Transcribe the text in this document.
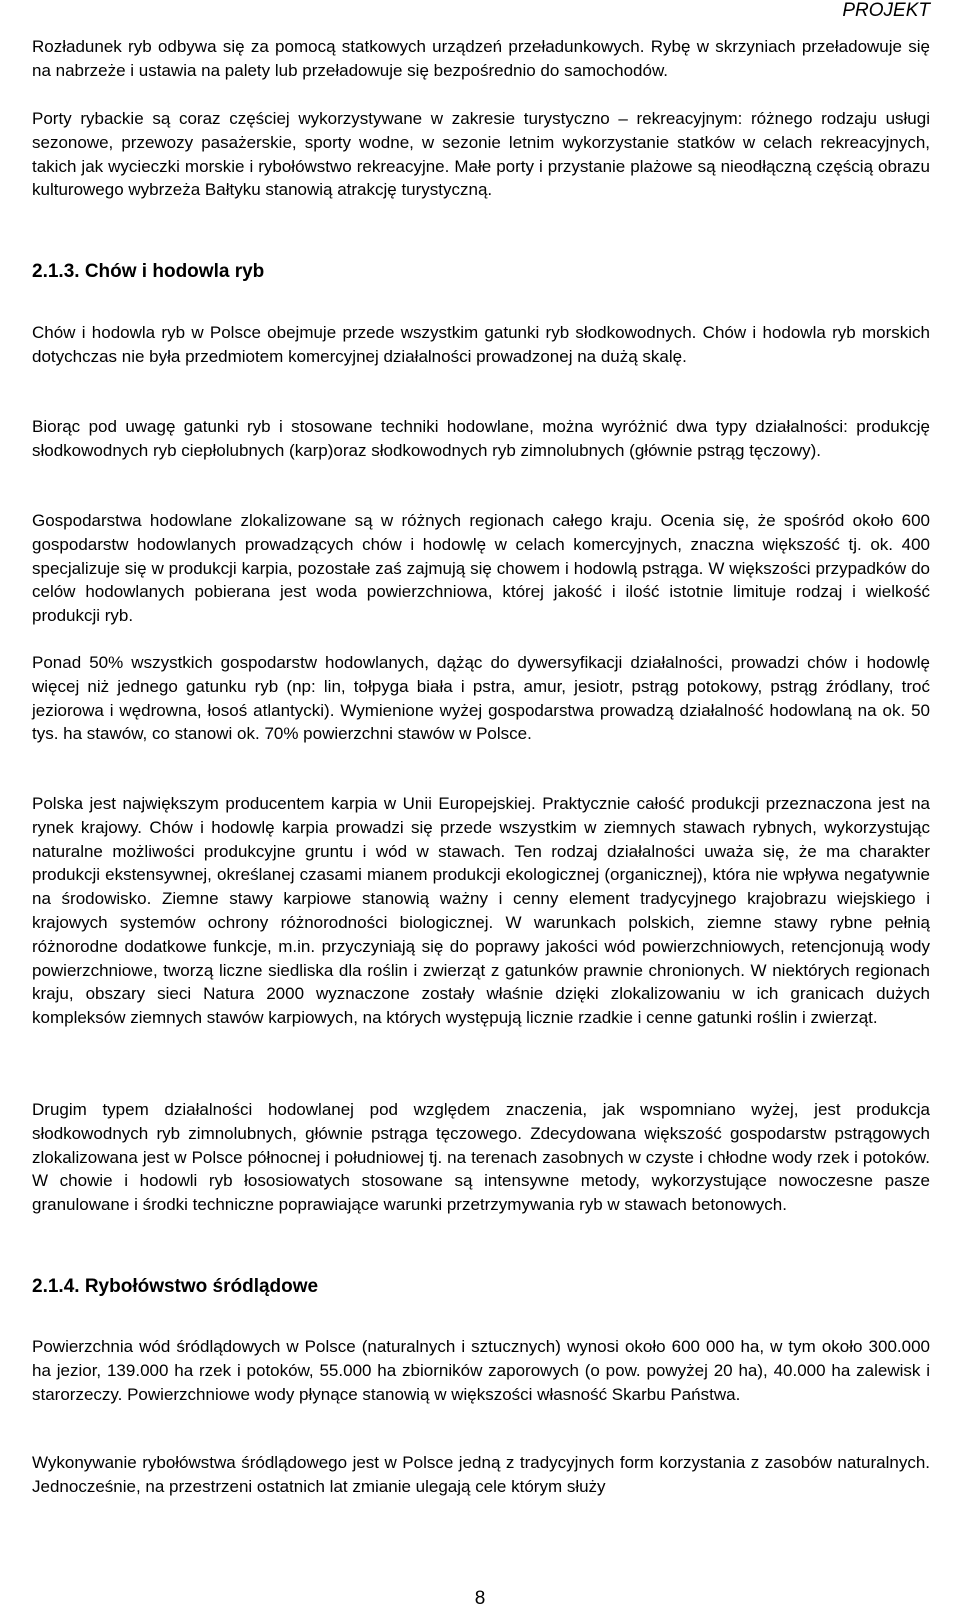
PROJEKT

Rozładunek ryb odbywa się za pomocą statkowych urządzeń przeładunkowych. Rybę w skrzyniach przeładowuje się na nabrzeże i ustawia na palety lub przeładowuje się bezpośrednio do samochodów.

Porty rybackie są coraz częściej wykorzystywane w zakresie turystyczno – rekreacyjnym: różnego rodzaju usługi sezonowe, przewozy pasażerskie, sporty wodne, w sezonie letnim wykorzystanie statków w celach rekreacyjnych, takich jak wycieczki morskie i rybołówstwo rekreacyjne. Małe porty i przystanie plażowe są nieodłączną częścią obrazu kulturowego wybrzeża Bałtyku stanowią atrakcję turystyczną.

2.1.3. Chów i hodowla ryb

Chów i hodowla ryb w Polsce obejmuje przede wszystkim gatunki ryb słodkowodnych. Chów i hodowla ryb morskich dotychczas nie była przedmiotem komercyjnej działalności prowadzonej na dużą skalę.

Biorąc pod uwagę gatunki ryb i stosowane techniki hodowlane, można wyróżnić dwa typy działalności: produkcję słodkowodnych ryb ciepłolubnych (karp)oraz słodkowodnych ryb zimnolubnych (głównie pstrąg tęczowy).

Gospodarstwa hodowlane zlokalizowane są w różnych regionach całego kraju. Ocenia się, że spośród około 600 gospodarstw hodowlanych prowadzących chów i hodowlę w celach komercyjnych, znaczna większość tj. ok. 400 specjalizuje się w produkcji karpia, pozostałe zaś zajmują się chowem i hodowlą pstrąga. W większości przypadków do celów hodowlanych pobierana jest woda powierzchniowa, której jakość i ilość istotnie limituje rodzaj i wielkość produkcji ryb.

Ponad 50% wszystkich gospodarstw hodowlanych, dążąc do dywersyfikacji działalności, prowadzi chów i hodowlę więcej niż jednego gatunku ryb (np: lin, tołpyga biała i pstra, amur, jesiotr, pstrąg potokowy, pstrąg źródlany, troć jeziorowa i wędrowna, łosoś atlantycki). Wymienione wyżej gospodarstwa prowadzą działalność hodowlaną na ok. 50 tys. ha stawów, co stanowi ok. 70% powierzchni stawów w Polsce.

Polska jest największym producentem karpia w Unii Europejskiej. Praktycznie całość produkcji przeznaczona jest na rynek krajowy. Chów i hodowlę karpia prowadzi się przede wszystkim w ziemnych stawach rybnych, wykorzystując naturalne możliwości produkcyjne gruntu i wód w stawach. Ten rodzaj działalności uważa się, że ma charakter produkcji ekstensywnej, określanej czasami mianem produkcji ekologicznej (organicznej), która nie wpływa negatywnie na środowisko. Ziemne stawy karpiowe stanowią ważny i cenny element tradycyjnego krajobrazu wiejskiego i krajowych systemów ochrony różnorodności biologicznej. W warunkach polskich, ziemne stawy rybne pełnią różnorodne dodatkowe funkcje, m.in. przyczyniają się do poprawy jakości wód powierzchniowych, retencjonują wody powierzchniowe, tworzą liczne siedliska dla roślin i zwierząt z gatunków prawnie chronionych. W niektórych regionach kraju, obszary sieci Natura 2000 wyznaczone zostały właśnie dzięki zlokalizowaniu w ich granicach dużych kompleksów ziemnych stawów karpiowych, na których występują licznie rzadkie i cenne gatunki roślin i zwierząt.

Drugim typem działalności hodowlanej pod względem znaczenia, jak wspomniano wyżej, jest produkcja słodkowodnych ryb zimnolubnych, głównie pstrąga tęczowego. Zdecydowana większość gospodarstw pstrągowych zlokalizowana jest w Polsce północnej i południowej tj. na terenach zasobnych w czyste i chłodne wody rzek i potoków. W chowie i hodowli ryb łososiowatych stosowane są intensywne metody, wykorzystujące nowoczesne pasze granulowane i środki techniczne poprawiające warunki przetrzymywania ryb w stawach betonowych.

2.1.4. Rybołówstwo śródlądowe

Powierzchnia wód śródlądowych w Polsce (naturalnych i sztucznych) wynosi około 600 000 ha, w tym około 300.000 ha jezior, 139.000 ha rzek i potoków, 55.000 ha zbiorników zaporowych (o pow. powyżej 20 ha), 40.000 ha zalewisk i starorzeczy. Powierzchniowe wody płynące stanowią w większości własność Skarbu Państwa.

Wykonywanie rybołówstwa śródlądowego jest w Polsce jedną z tradycyjnych form korzystania z zasobów naturalnych. Jednocześnie, na przestrzeni ostatnich lat zmianie ulegają cele którym służy

8
